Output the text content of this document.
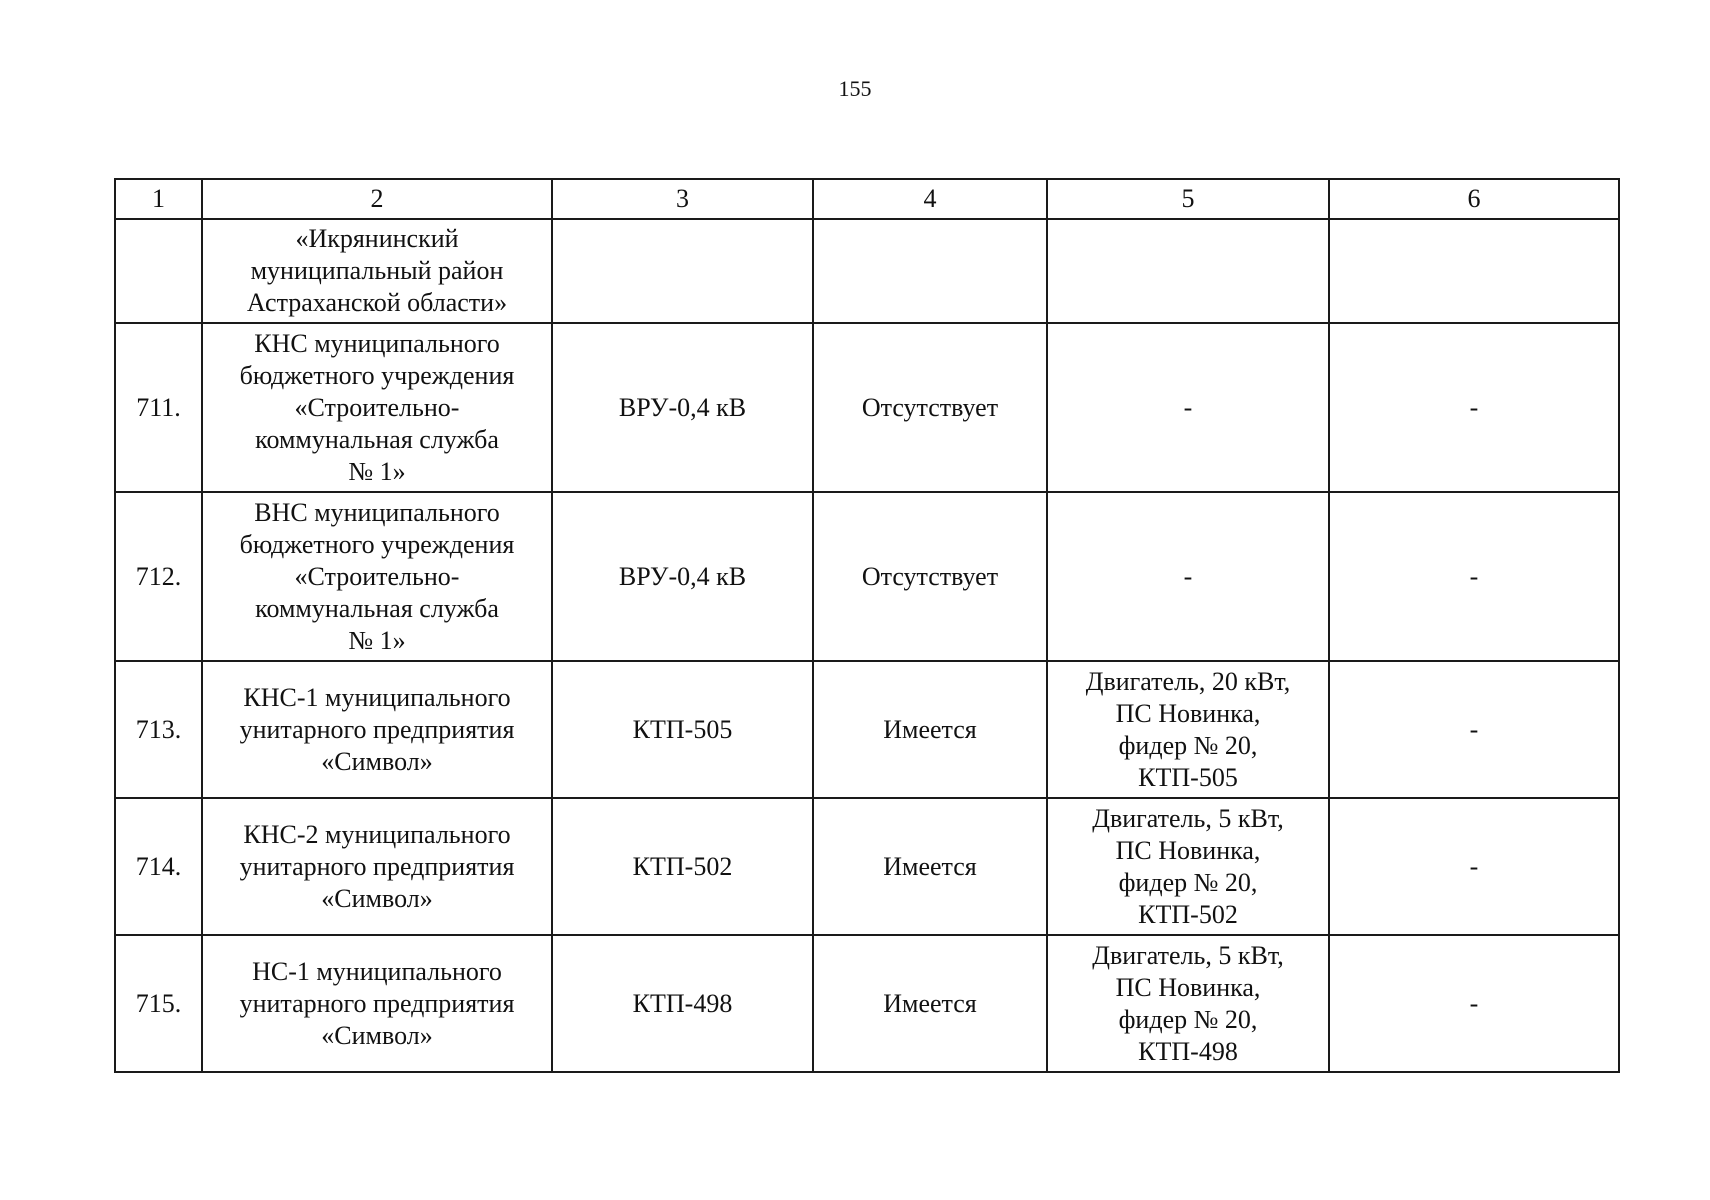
155
1	2	3	4	5	6
	«Икрянинский
муниципальный район
Астраханской области»				
711.	КНС муниципального
бюджетного учреждения
«Строительно-
коммунальная служба
№ 1»	ВРУ-0,4 кВ	Отсутствует	-	-
712.	ВНС муниципального
бюджетного учреждения
«Строительно-
коммунальная служба
№ 1»	ВРУ-0,4 кВ	Отсутствует	-	-
713.	КНС-1 муниципального
унитарного предприятия
«Символ»	КТП-505	Имеется	Двигатель, 20 кВт,
ПС Новинка,
фидер № 20,
КТП-505	-
714.	КНС-2 муниципального
унитарного предприятия
«Символ»	КТП-502	Имеется	Двигатель, 5 кВт,
ПС Новинка,
фидер № 20,
КТП-502	-
715.	НС-1 муниципального
унитарного предприятия
«Символ»	КТП-498	Имеется	Двигатель, 5 кВт,
ПС Новинка,
фидер № 20,
КТП-498	-
